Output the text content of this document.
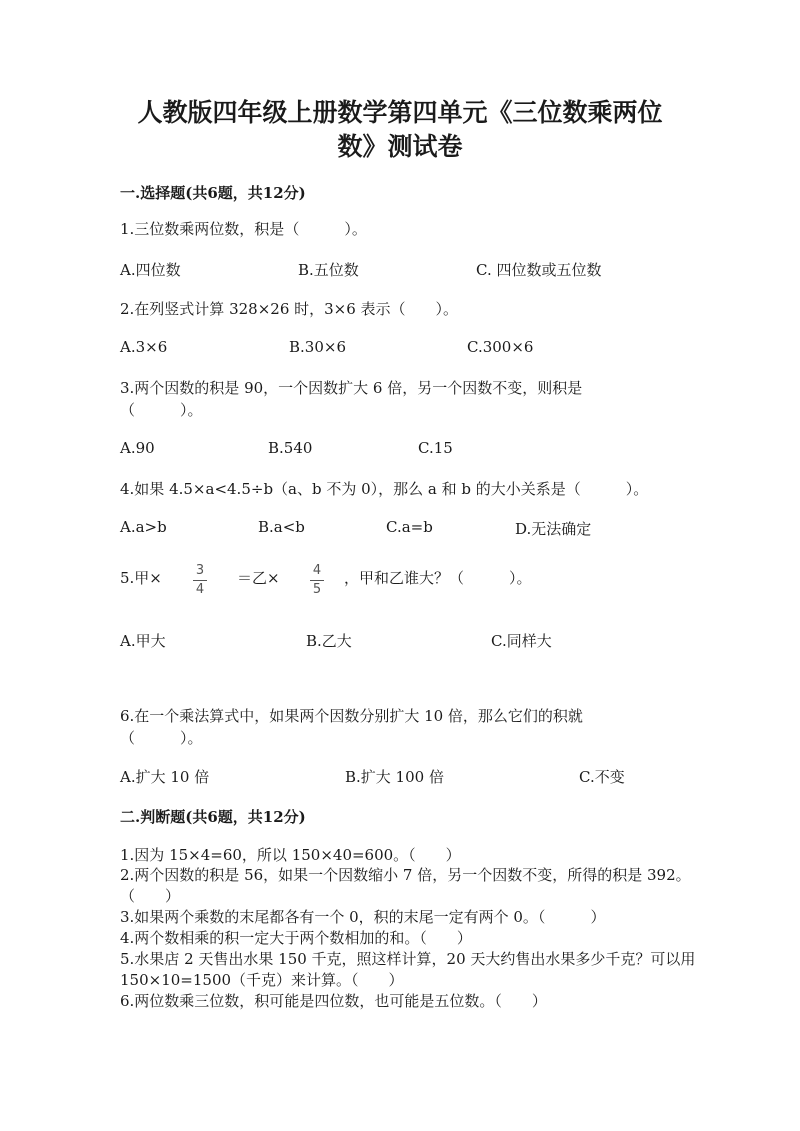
人教版四年级上册数学第四单元《三位数乘两位数》测试卷
一.选择题(共6题，共12分)
1.三位数乘两位数，积是（　　　）。
A.四位数	B.五位数	C. 四位数或五位数
2.在列竖式计算 328×26 时，3×6 表示（　　）。
A.3×6	B.30×6	C.300×6
3.两个因数的积是 90，一个因数扩大 6 倍，另一个因数不变，则积是（　　　）。
A.90	B.540	C.15
4.如果 4.5×a<4.5÷b（a、b 不为 0），那么 a 和 b 的大小关系是（　　　）。
A.a>b	B.a<b	C.a=b	D.无法确定
5.甲×	3
4
＝乙×	4
5
，甲和乙谁大？（　　　）。
A.甲大	B.乙大	C.同样大
6.在一个乘法算式中，如果两个因数分别扩大 10 倍，那么它们的积就（　　　）。
A.扩大 10 倍	B.扩大 100 倍	C.不变
二.判断题(共6题，共12分)
1.因为 15×4=60，所以 150×40=600。（　　）
2.两个因数的积是 56，如果一个因数缩小 7 倍，另一个因数不变，所得的积是 392。（　　）
3.如果两个乘数的末尾都各有一个 0，积的末尾一定有两个 0。（　　　）
4.两个数相乘的积一定大于两个数相加的和。（　　）
5.水果店 2 天售出水果 150 千克，照这样计算，20 天大约售出水果多少千克？可以用 150×10=1500（千克）来计算。（　　）
6.两位数乘三位数，积可能是四位数，也可能是五位数。（　　）
